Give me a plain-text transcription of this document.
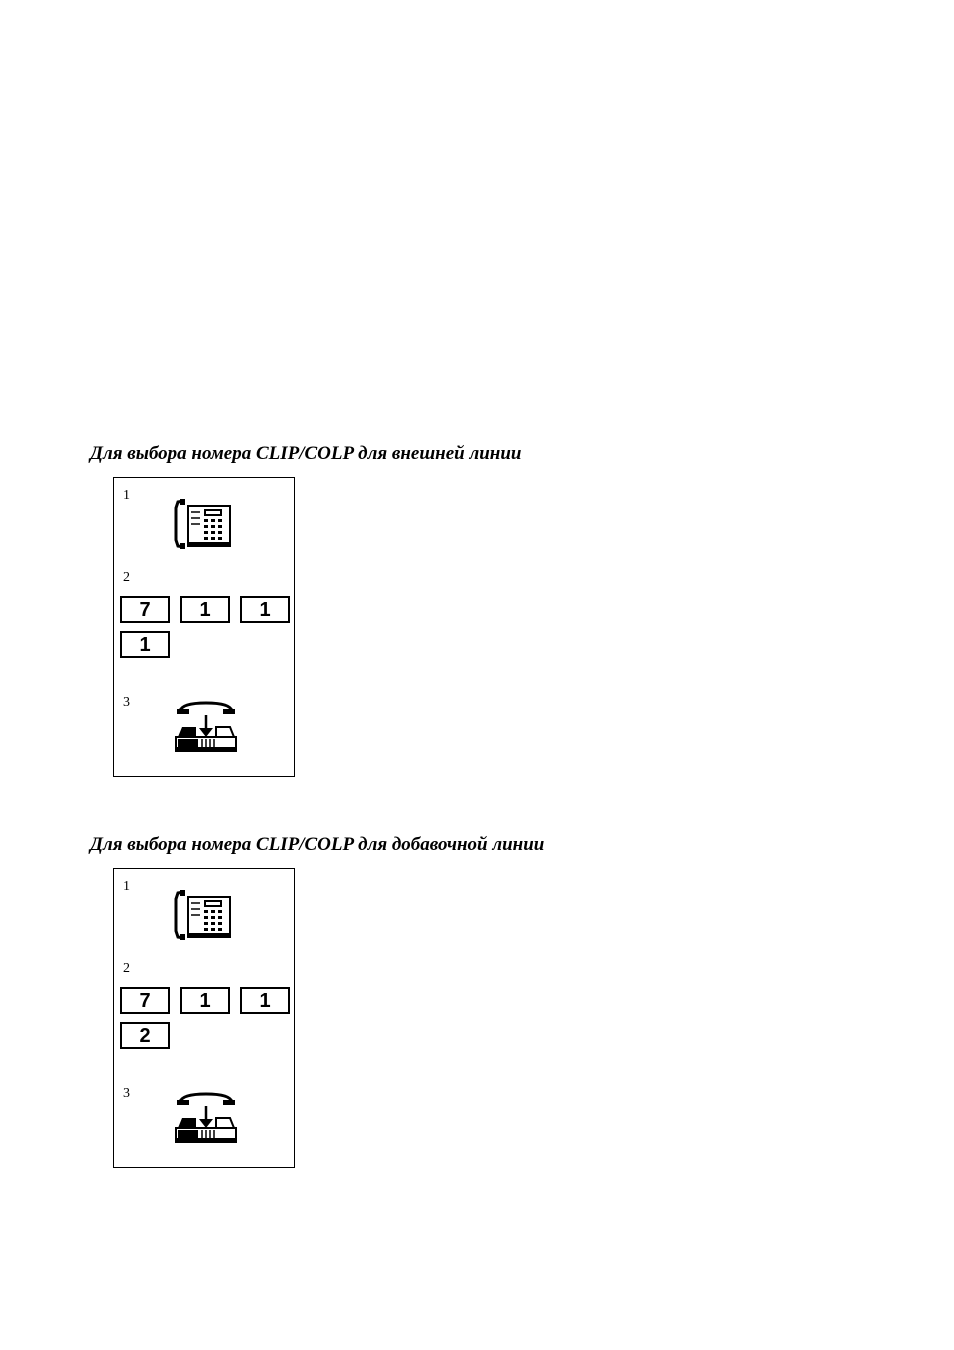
Для выбора номера CLIP/COLP для внешней линии
1
2
7	1	1
1
3
Для выбора номера CLIP/COLP для добавочной линии
1
2
7	1	1
2
3
